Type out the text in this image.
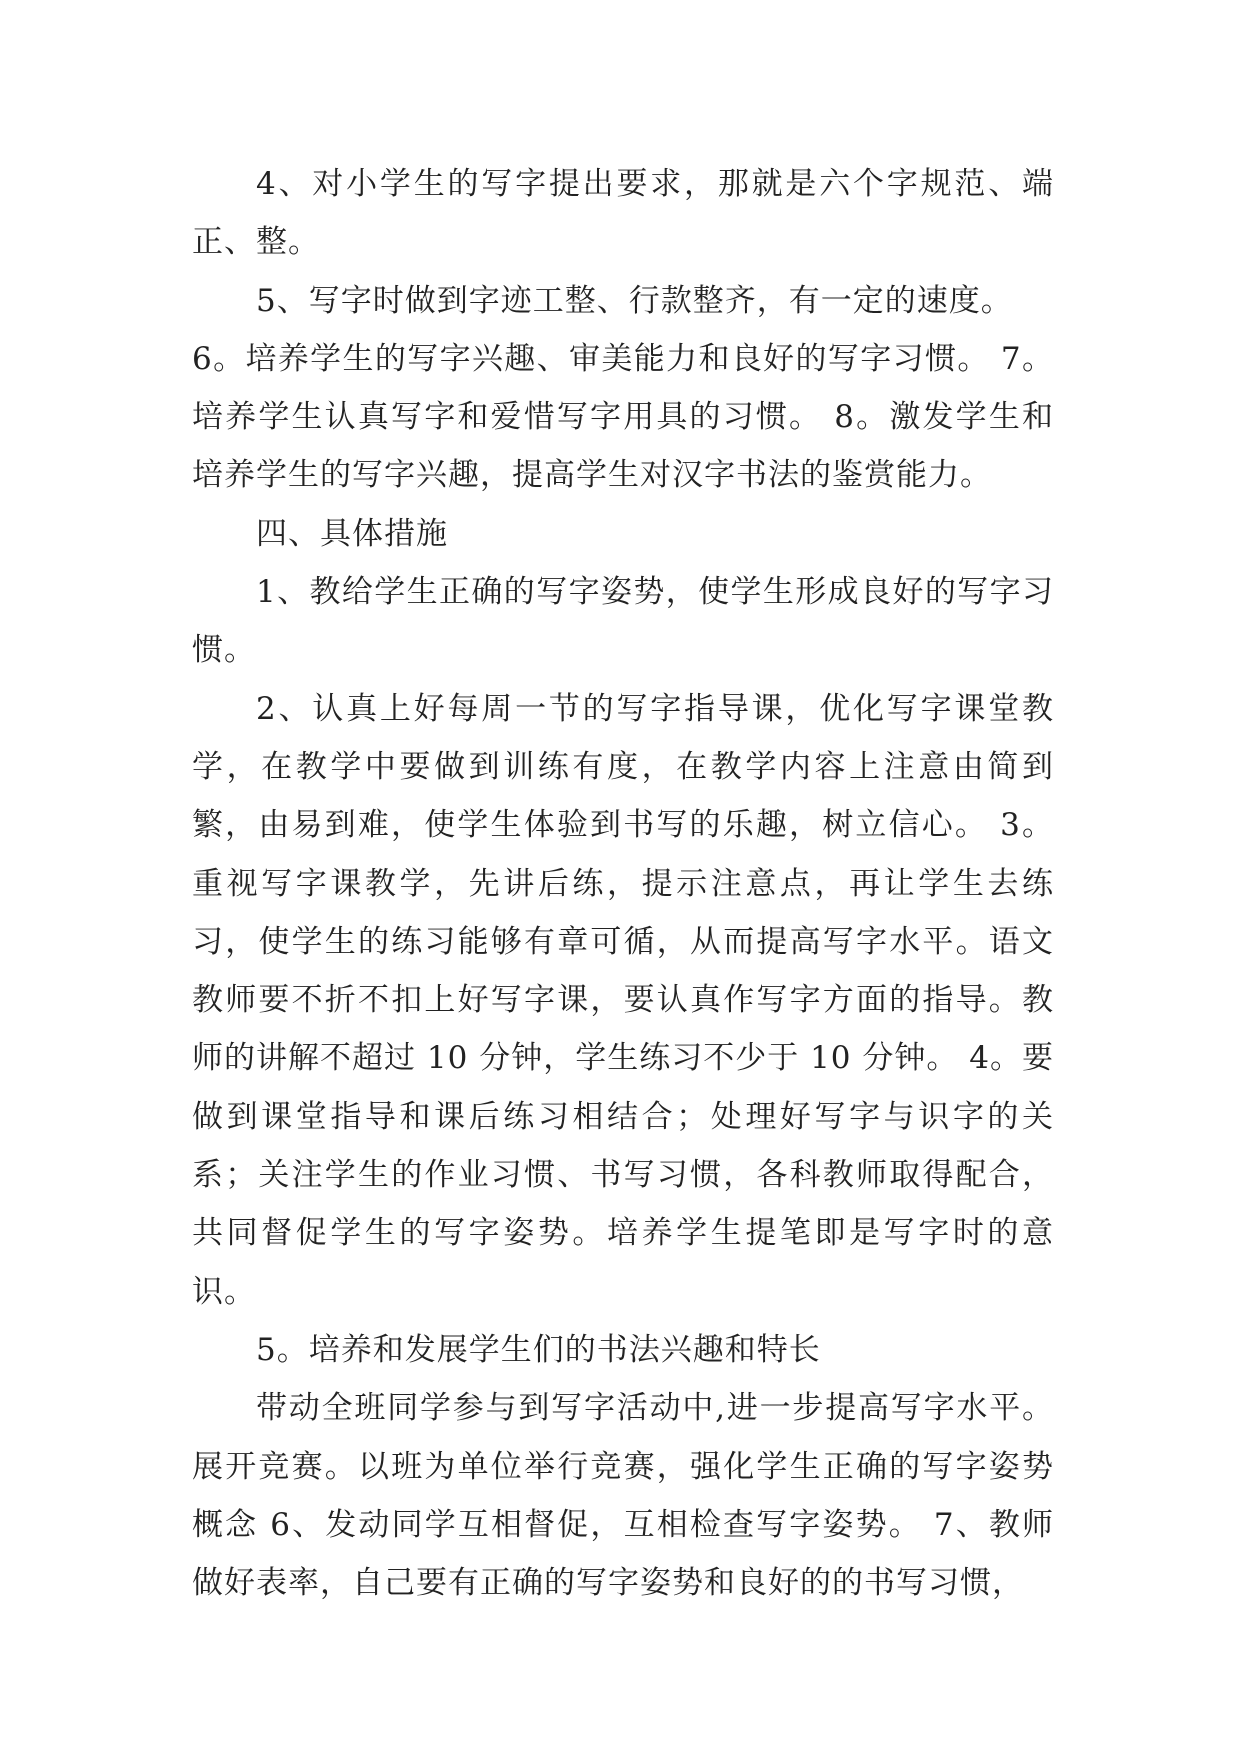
4、对小学生的写字提出要求，那就是六个字规范、端正、整。

5、写字时做到字迹工整、行款整齐，有一定的速度。

6。培养学生的写字兴趣、审美能力和良好的写字习惯。 7。培养学生认真写字和爱惜写字用具的习惯。 8。激发学生和培养学生的写字兴趣，提高学生对汉字书法的鉴赏能力。

四、具体措施

1、教给学生正确的写字姿势，使学生形成良好的写字习惯。

2、认真上好每周一节的写字指导课，优化写字课堂教学，在教学中要做到训练有度，在教学内容上注意由简到繁，由易到难，使学生体验到书写的乐趣，树立信心。 3。重视写字课教学，先讲后练，提示注意点，再让学生去练习，使学生的练习能够有章可循，从而提高写字水平。语文教师要不折不扣上好写字课，要认真作写字方面的指导。教师的讲解不超过 10 分钟，学生练习不少于 10 分钟。 4。要做到课堂指导和课后练习相结合；处理好写字与识字的关系；关注学生的作业习惯、书写习惯，各科教师取得配合，共同督促学生的写字姿势。培养学生提笔即是写字时的意识。

5。培养和发展学生们的书法兴趣和特长

带动全班同学参与到写字活动中,进一步提高写字水平。展开竞赛。以班为单位举行竞赛，强化学生正确的写字姿势概念 6、发动同学互相督促，互相检查写字姿势。 7、教师做好表率，自己要有正确的写字姿势和良好的的书写习惯，
